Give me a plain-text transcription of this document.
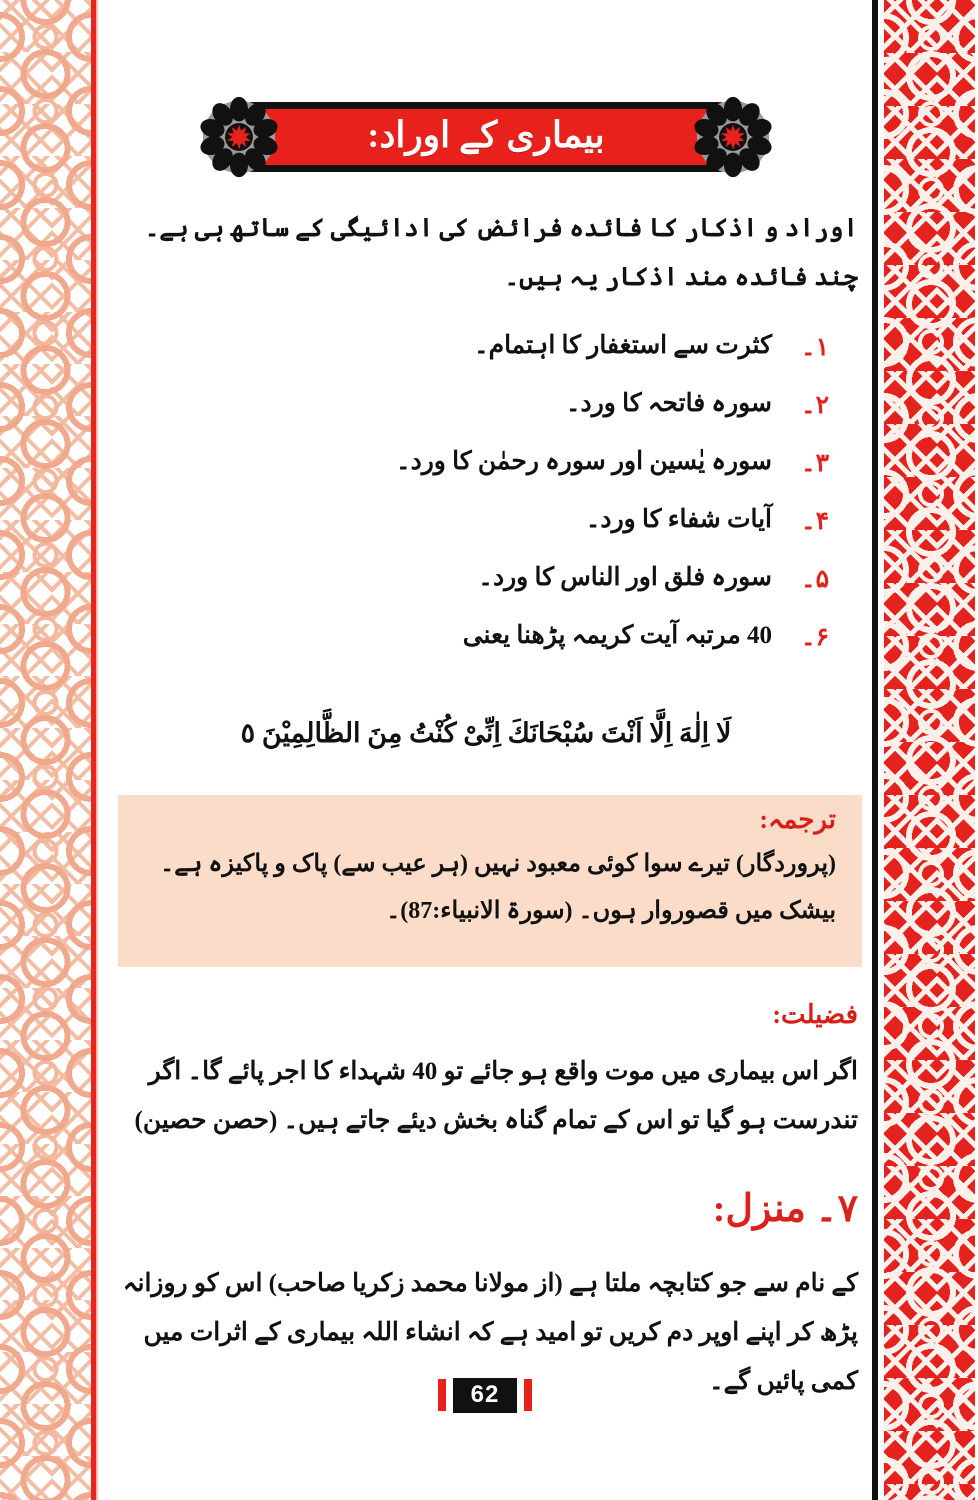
بیماری کے اوراد:
اوراد و اذکار کا فائدہ فرائض کی ادائیگی کے ساتھ ہی ہے۔ چند فائدہ مند اذکار یہ ہیں۔
۱۔
کثرت سے استغفار کا اہتمام۔
۲۔
سورہ فاتحہ کا ورد۔
۳۔
سورہ یٰسین اور سورہ رحمٰن کا ورد۔
۴۔
آیات شفاء کا ورد۔
۵۔
سورہ فلق اور الناس کا ورد۔
۶۔
40 مرتبہ آیت کریمہ پڑھنا یعنی
لَا اِلٰهَ اِلَّا اَنْتَ سُبْحَانَكَ اِنِّیْ كُنْتُ مِنَ الظَّالِمِیْنَ ٥
ترجمہ:
(پروردگار) تیرے سوا کوئی معبود نہیں (ہر عیب سے) پاک و پاکیزہ ہے۔ بیشک میں قصوروار ہوں۔ (سورۃ الانبیاء:87)۔
فضیلت:
اگر اس بیماری میں موت واقع ہو جائے تو 40 شہداء کا اجر پائے گا۔ اگر تندرست ہو گیا تو اس کے تمام گناہ بخش دیئے جاتے ہیں۔ (حصن حصین)
۷۔ منزل:
کے نام سے جو کتابچہ ملتا ہے (از مولانا محمد زکریا صاحب) اس کو روزانہ پڑھ کر اپنے اوپر دم کریں تو امید ہے کہ انشاء اللہ بیماری کے اثرات میں کمی پائیں گے۔
62
